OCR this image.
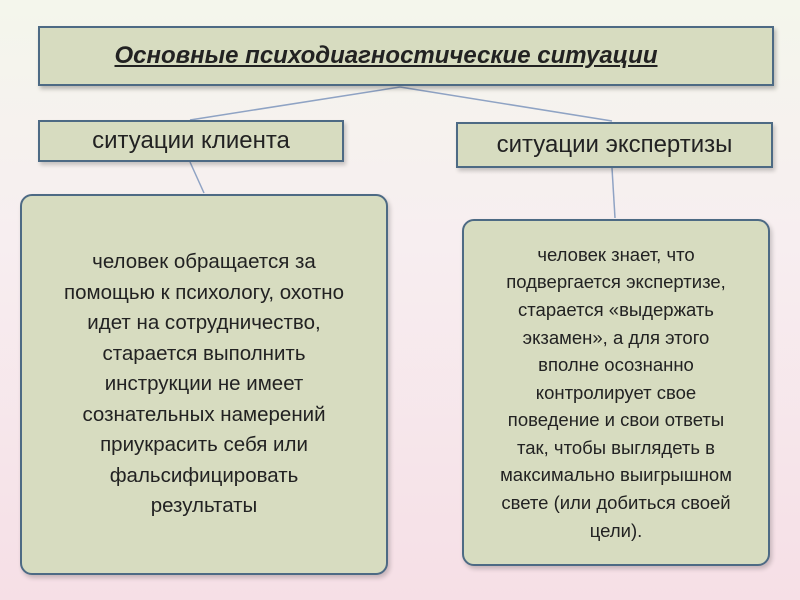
Основные психодиагностические ситуации
ситуации клиента	ситуации экспертизы
человек обращается за
помощью к психологу, охотно
идет на сотрудничество,
старается выполнить
инструкции не имеет
сознательных намерений
приукрасить себя или
фальсифицировать
результаты
человек знает, что
подвергается экспертизе,
старается «выдержать
экзамен», а для этого
вполне осознанно
контролирует свое
поведение и свои ответы
так, чтобы выглядеть в
максимально выигрышном
свете (или добиться своей
цели).
